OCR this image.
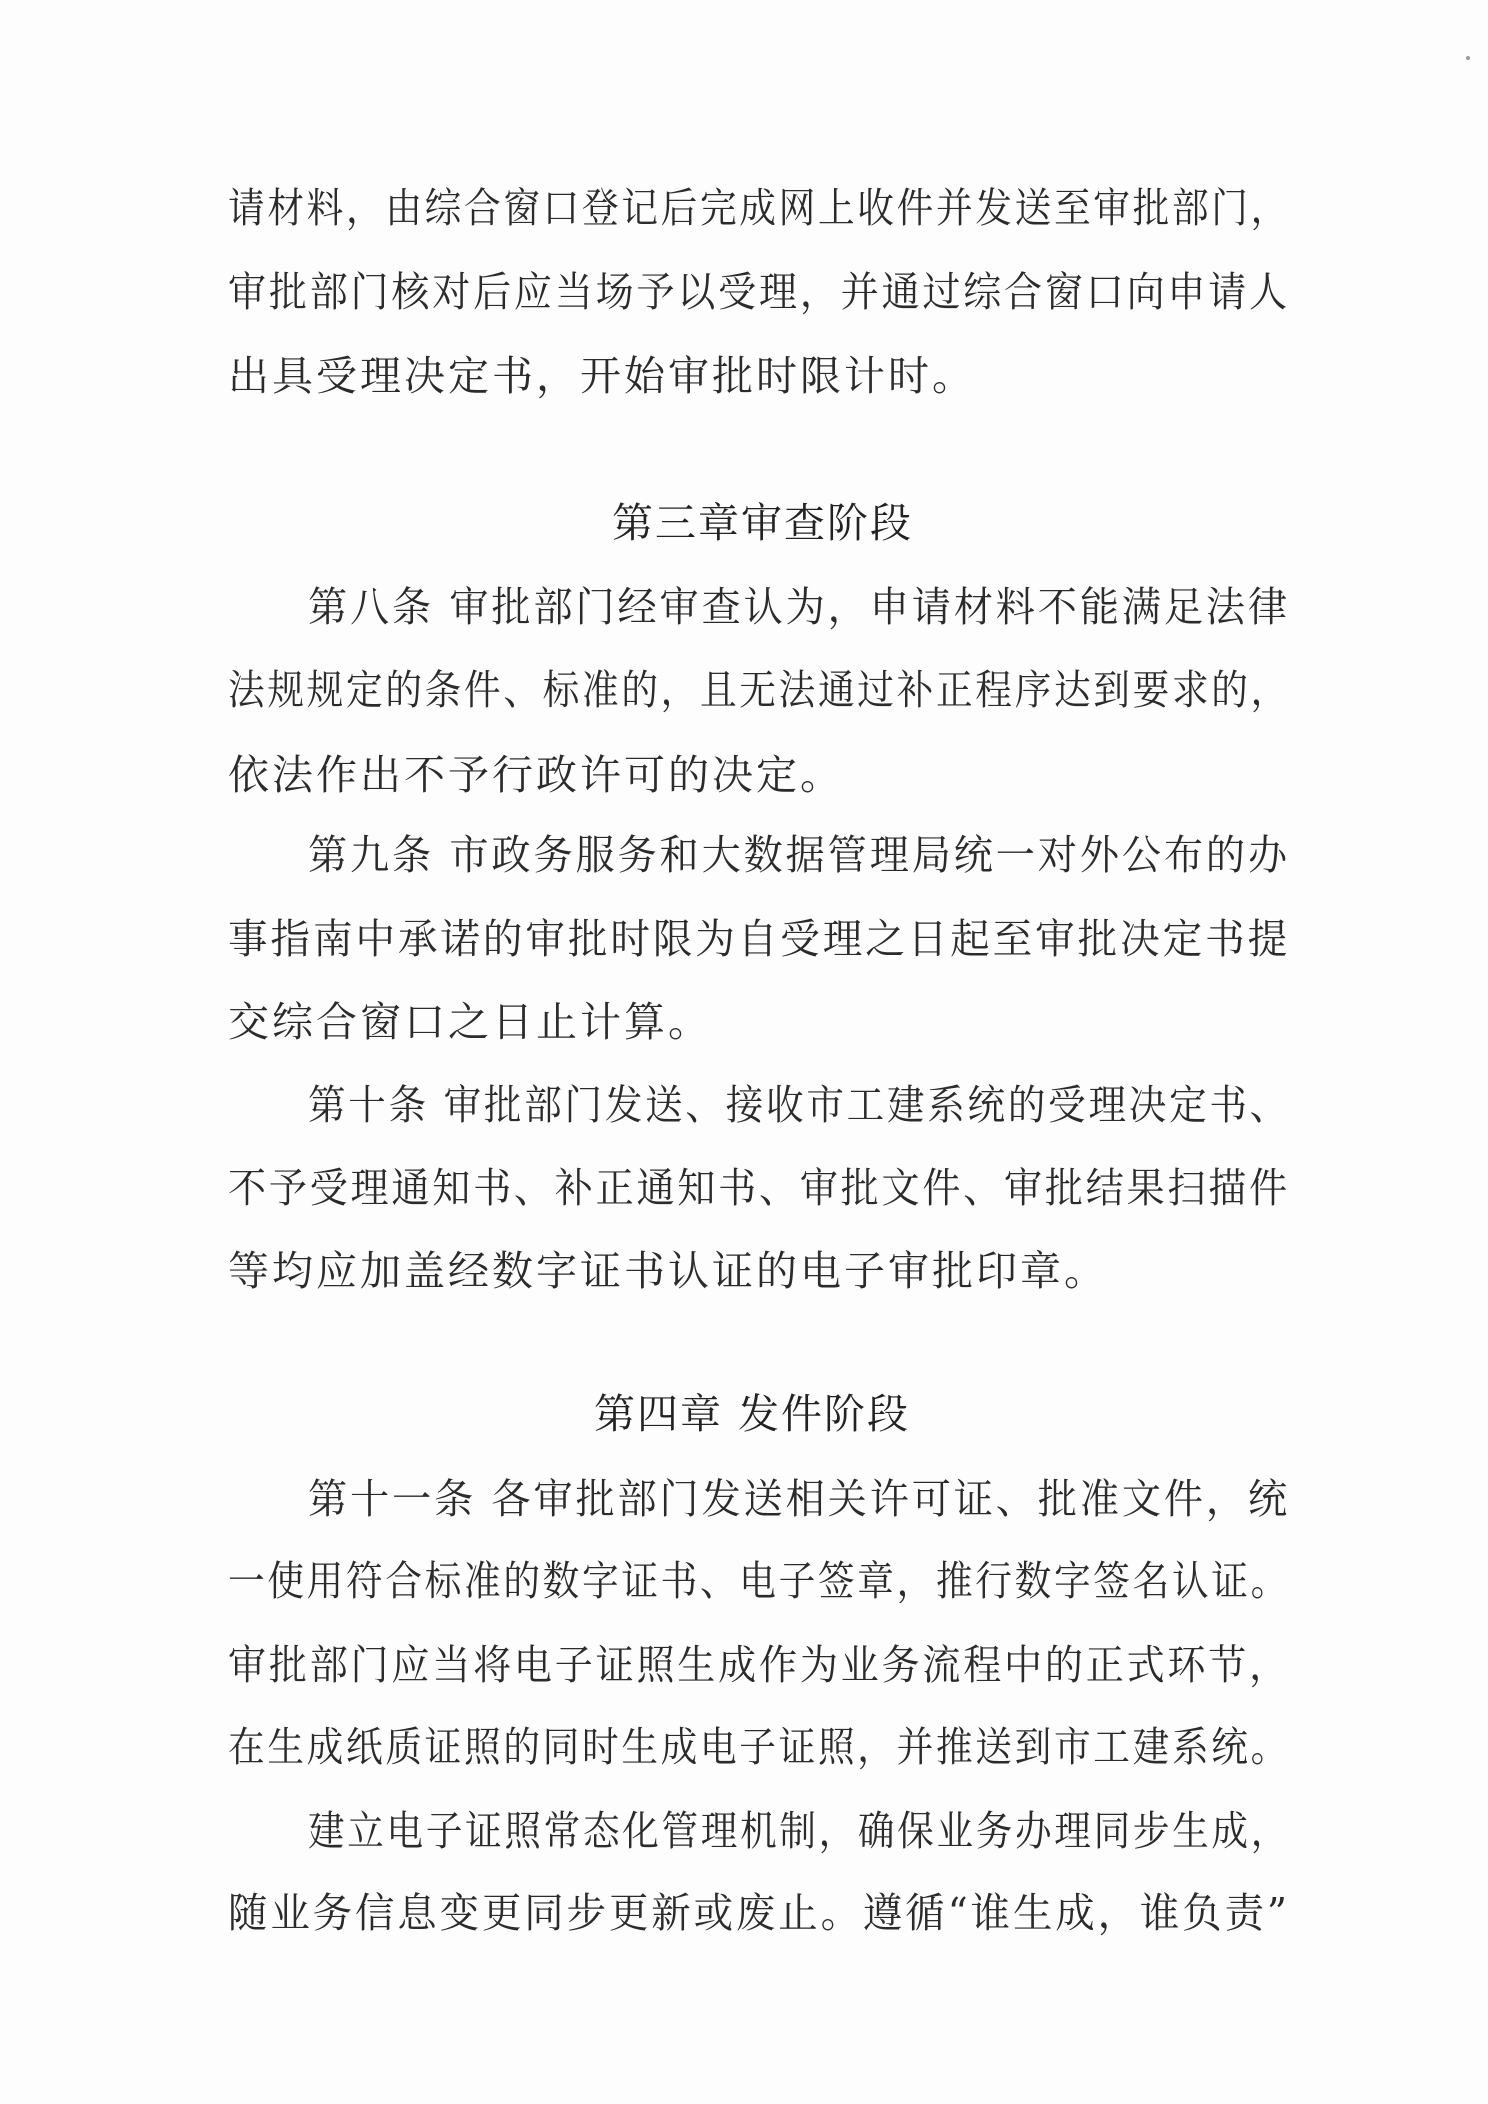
请材料，由综合窗口登记后完成网上收件并发送至审批部门，
审批部门核对后应当场予以受理，并通过综合窗口向申请人
出具受理决定书，开始审批时限计时。
第三章审查阶段
第八条 审批部门经审查认为，申请材料不能满足法律
法规规定的条件、标准的，且无法通过补正程序达到要求的，
依法作出不予行政许可的决定。
第九条 市政务服务和大数据管理局统一对外公布的办
事指南中承诺的审批时限为自受理之日起至审批决定书提
交综合窗口之日止计算。
第十条 审批部门发送、接收市工建系统的受理决定书、
不予受理通知书、补正通知书、审批文件、审批结果扫描件
等均应加盖经数字证书认证的电子审批印章。
第四章 发件阶段
第十一条 各审批部门发送相关许可证、批准文件，统
一使用符合标准的数字证书、电子签章，推行数字签名认证。
审批部门应当将电子证照生成作为业务流程中的正式环节，
在生成纸质证照的同时生成电子证照，并推送到市工建系统。
建立电子证照常态化管理机制，确保业务办理同步生成，
随业务信息变更同步更新或废止。遵循“谁生成，谁负责”
